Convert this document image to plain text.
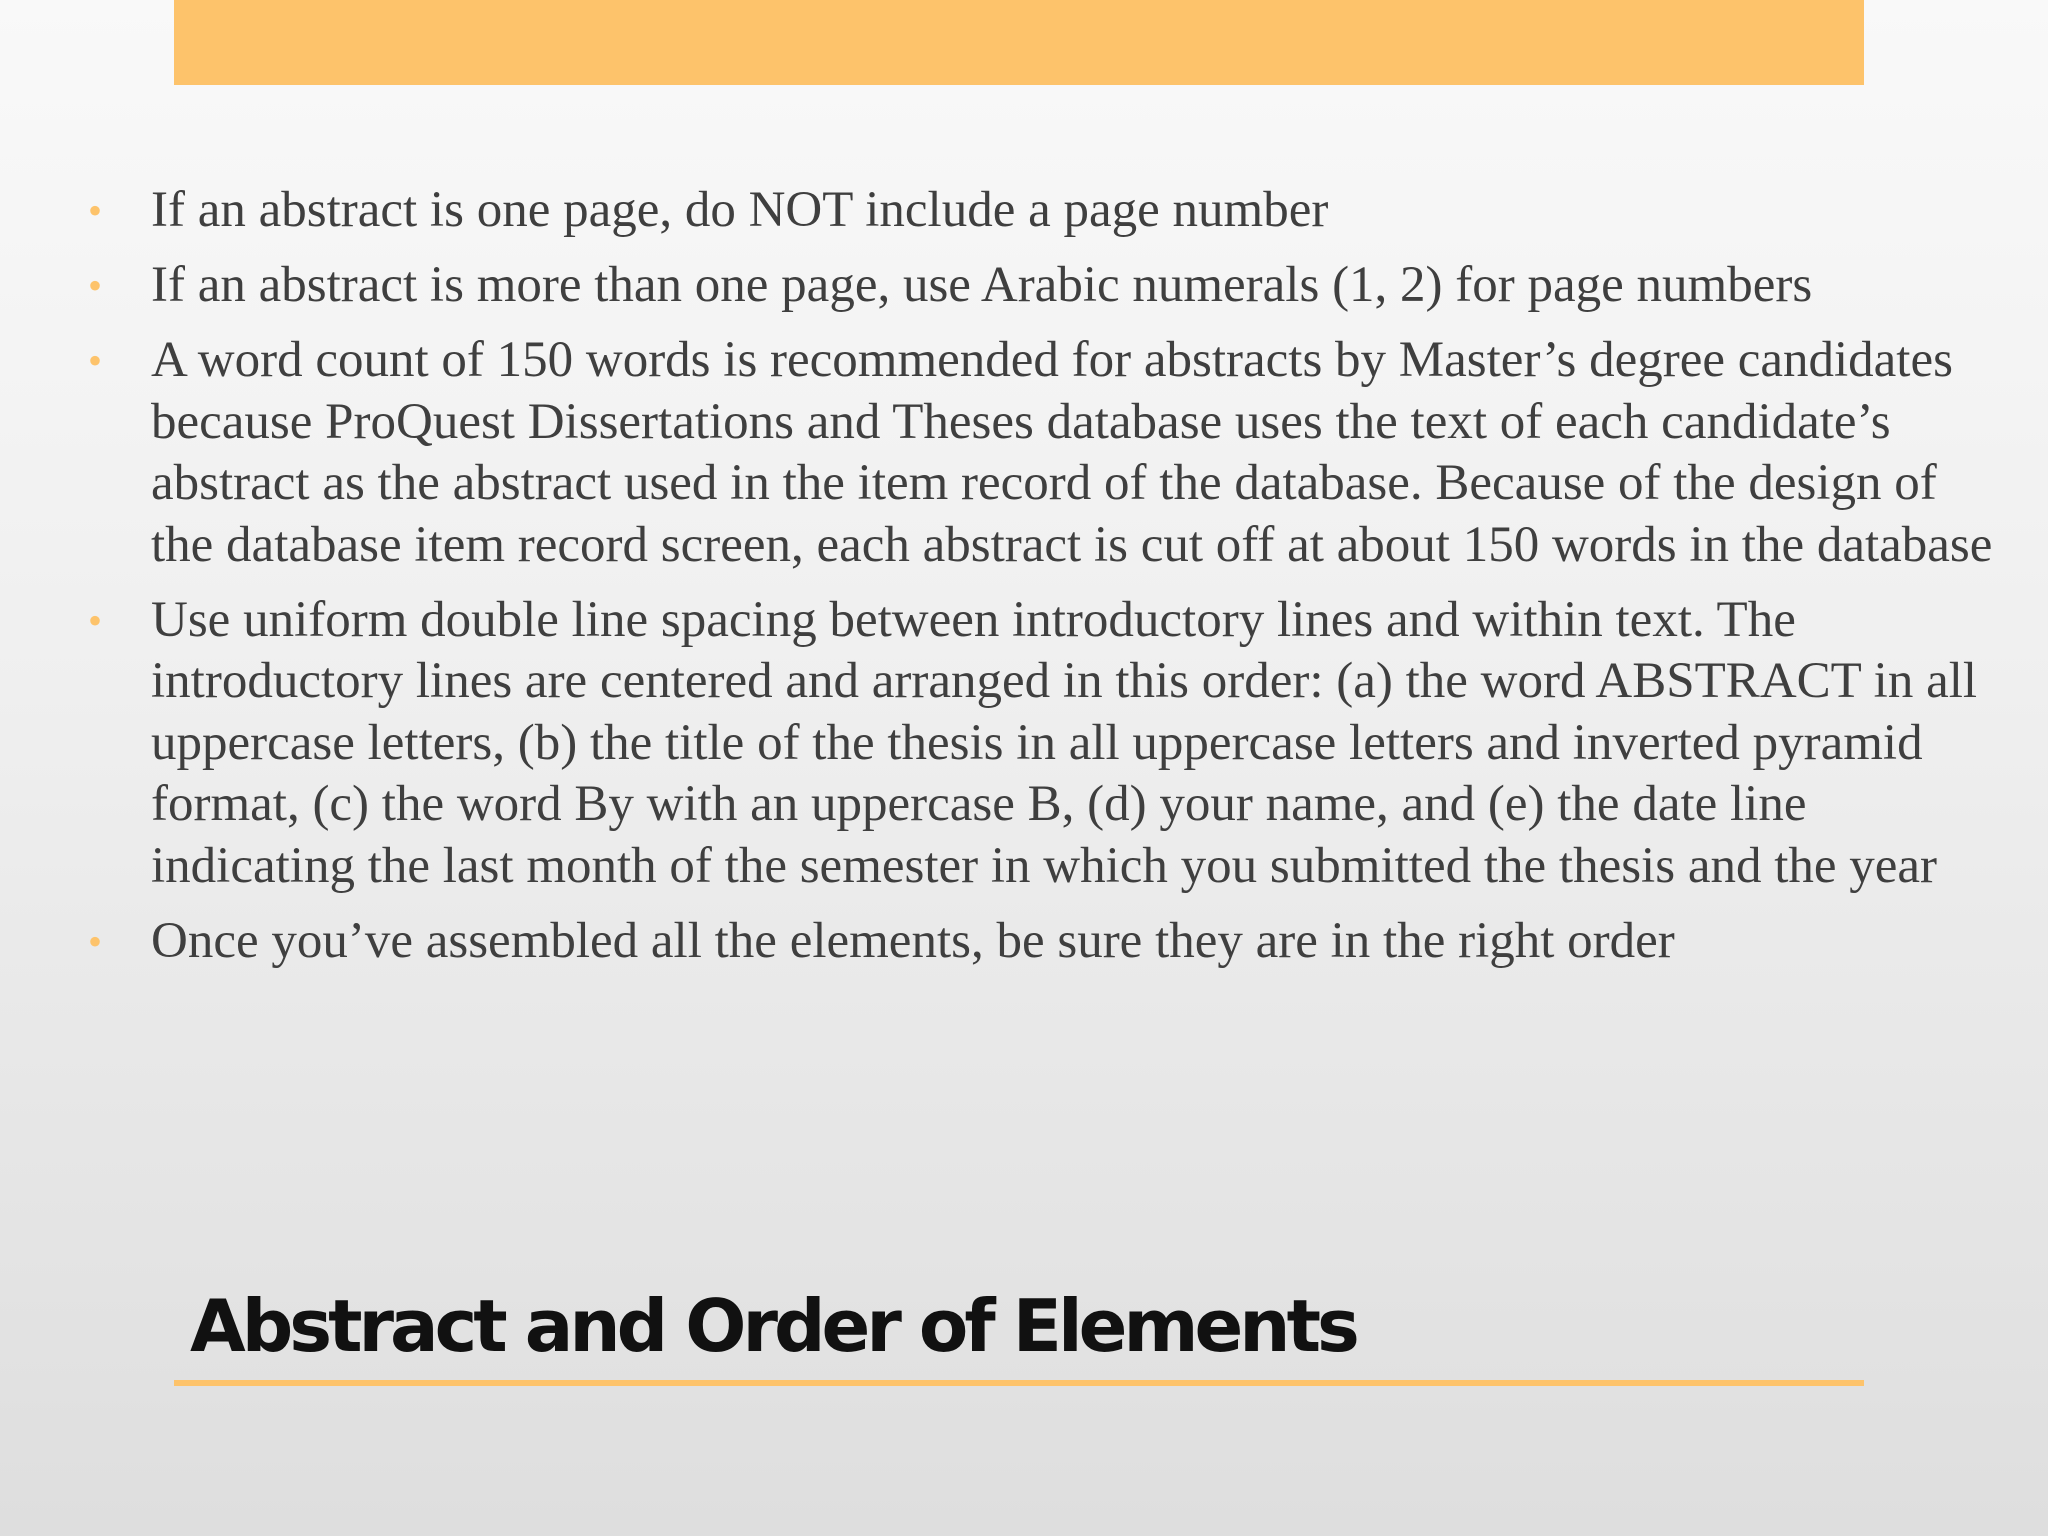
• If an abstract is one page, do NOT include a page number
• If an abstract is more than one page, use Arabic numerals (1, 2) for page numbers
• A word count of 150 words is recommended for abstracts by Master’s degree candidates because ProQuest Dissertations and Theses database uses the text of each candidate’s abstract as the abstract used in the item record of the database. Because of the design of the database item record screen, each abstract is cut off at about 150 words in the database
• Use uniform double line spacing between introductory lines and within text. The introductory lines are centered and arranged in this order: (a) the word ABSTRACT in all uppercase letters, (b) the title of the thesis in all uppercase letters and inverted pyramid format, (c) the word By with an uppercase B, (d) your name, and (e) the date line indicating the last month of the semester in which you submitted the thesis and the year
• Once you’ve assembled all the elements, be sure they are in the right order
Abstract and Order of Elements
